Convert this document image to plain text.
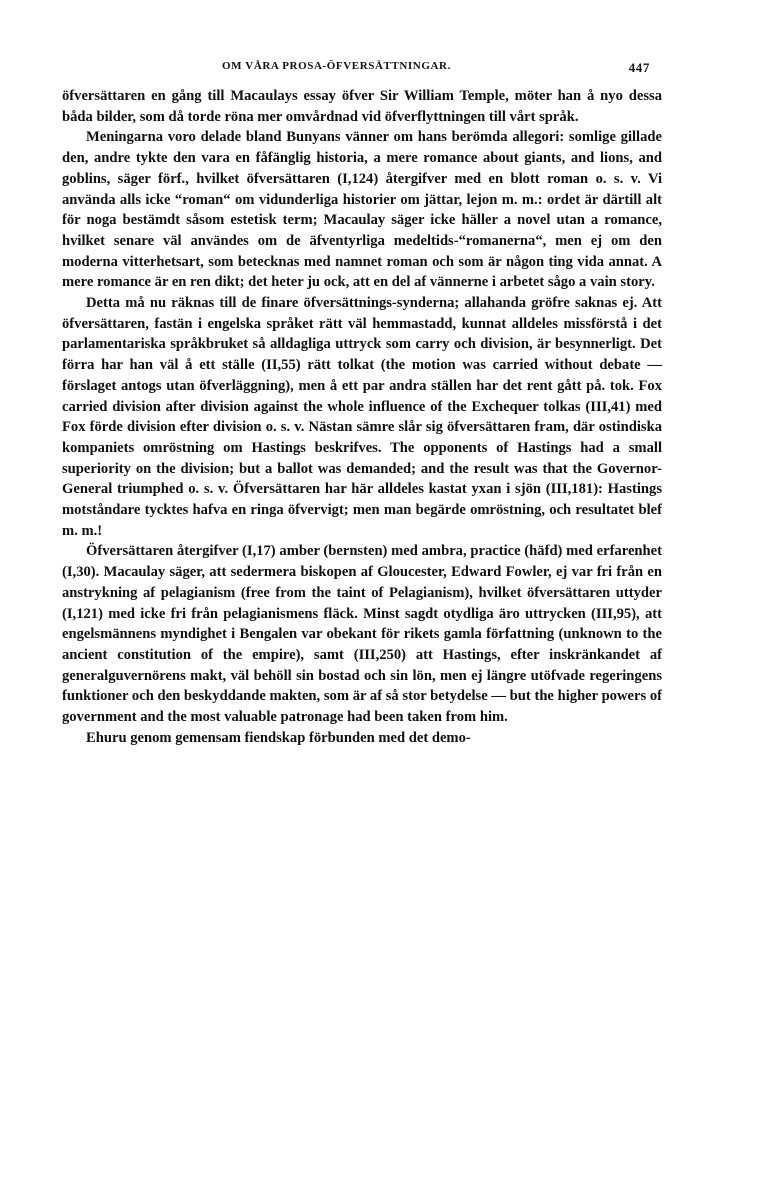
OM VÅRA PROSA-ÖFVERSÄTTNINGAR.	447

öfversättaren en gång till Macaulays essay öfver Sir William Temple, möter han å nyo dessa båda bilder, som då torde röna mer omvårdnad vid öfverflyttningen till vårt språk.

Meningarna voro delade bland Bunyans vänner om hans berömda allegori: somlige gillade den, andre tykte den vara en fåfänglig historia, a mere romance about giants, and lions, and goblins, säger förf., hvilket öfversättaren (I,124) återgifver med en blott roman o. s. v. Vi använda alls icke “roman“ om vidunderliga historier om jättar, lejon m. m.: ordet är därtill alt för noga bestämdt såsom estetisk term; Macaulay säger icke häller a novel utan a romance, hvilket senare väl användes om de äfventyrliga medeltids-“romanerna“, men ej om den moderna vitterhetsart, som betecknas med namnet roman och som är någon ting vida annat. A mere romance är en ren dikt; det heter ju ock, att en del af vännerne i arbetet sågo a vain story.

Detta må nu räknas till de finare öfversättnings-synderna; allahanda gröfre saknas ej. Att öfversättaren, fastän i engelska språket rätt väl hemmastadd, kunnat alldeles missförstå i det parlamentariska språkbruket så alldagliga uttryck som carry och division, är besynnerligt. Det förra har han väl å ett ställe (II,55) rätt tolkat (the motion was carried without debate — förslaget antogs utan öfverläggning), men å ett par andra ställen har det rent gått på. tok. Fox carried division after division against the whole influence of the Exchequer tolkas (III,41) med Fox förde division efter division o. s. v. Nästan sämre slår sig öfversättaren fram, där ostindiska kompaniets omröstning om Hastings beskrifves. The opponents of Hastings had a small superiority on the division; but a ballot was demanded; and the result was that the Governor-General triumphed o. s. v. Öfversättaren har här alldeles kastat yxan i sjön (III,181): Hastings motståndare tycktes hafva en ringa öfvervigt; men man begärde omröstning, och resultatet blef m. m.!

Öfversättaren återgifver (I,17) amber (bernsten) med ambra, practice (häfd) med erfarenhet (I,30). Macaulay säger, att sedermera biskopen af Gloucester, Edward Fowler, ej var fri från en anstrykning af pelagianism (free from the taint of Pelagianism), hvilket öfversättaren uttyder (I,121) med icke fri från pelagianismens fläck. Minst sagdt otydliga äro uttrycken (III,95), att engelsmännens myndighet i Bengalen var obekant för rikets gamla författning (unknown to the ancient constitution of the empire), samt (III,250) att Hastings, efter inskränkandet af generalguvernörens makt, väl behöll sin bostad och sin lön, men ej längre utöfvade regeringens funktioner och den beskyddande makten, som är af så stor betydelse — but the higher powers of government and the most valuable patronage had been taken from him.

Ehuru genom gemensam fiendskap förbunden med det demo-
